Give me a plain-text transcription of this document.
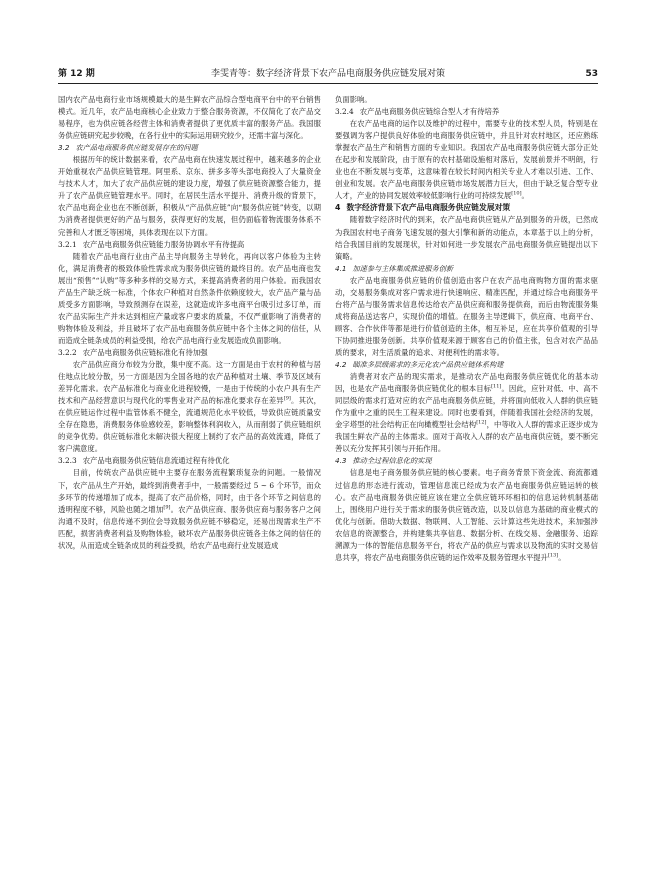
第 12 期	李雯青等：数字经济背景下农产品电商服务供应链发展对策	53

国内农产品电商行业市场规模最大的是生鲜农产品综合型电商平台中的平台销售模式。近几年，农产品电商核心企业致力于整合服务资源，不仅简化了农产品交易程序，也为供应链各经营主体和消费者提供了更优质丰富的服务产品。我国服务供应链研究起步较晚，在各行业中的实际运用研究较少，还需丰富与深化。

3.2 农产品电商服务供应链发展存在的问题

根据历年的统计数据来看，农产品电商在快速发展过程中，越来越多的企业开始重视农产品供应链管理。阿里系、京东、拼多多等头部电商投入了大量资金与技术人才，加大了农产品供应链的建设力度，增强了供应链资源整合能力，提升了农产品供应链管理水平。同时，在居民生活水平提升、消费升级的背景下，农产品电商企业也在不断创新，积极从“产品供应链”向“服务供应链”转变，以期为消费者提供更好的产品与服务，获得更好的发展，但仍面临着物流服务体系不完善和人才匮乏等困境，具体表现在以下方面。

3.2.1 农产品电商服务供应链能力服务协调水平有待提高

随着农产品电商行业由产品主导向服务主导转化，再向以客户体验为主转化，满足消费者的极致体验性需求成为服务供应链的最终目的。农产品电商也发展出“预售”“认购”等多种多样的交易方式，来提高消费者的用户体验。而我国农产品生产缺乏统一标准，个体农户种植对自然条件依赖度较大，农产品产量与品质受多方面影响，导致预测存在误差，这就造成许多电商平台吸引过多订单，而农产品实际生产并未达到相应产量或客户要求的质量，不仅严重影响了消费者的购物体验及利益，并且破坏了农产品电商服务供应链中各个主体之间的信任，从而造成全链条成员的利益受损，给农产品电商行业发展造成负面影响。

3.2.2 农产品电商服务供应链标准化有待加强

农产品供应商分布较为分散，集中度不高。这一方面是由于农村的种植与居住地点比较分散，另一方面是因为全国各地的农产品种植对土壤、季节及区域有差异化需求。农产品标准化与商业化进程较慢，一是由于传统的小农户具有生产技术和产品经营意识与现代化的零售业对产品的标准化要求存在差异[9]。其次，在供应链运作过程中监管体系不健全，流通规范化水平较低，导致供应链质量安全存在隐患，消费服务体验感较差，影响整体利润收入，从而削弱了供应链组织的竞争优势。供应链标准化未解决很大程度上制约了农产品的高效流通，降低了客户满意度。

3.2.3 农产品电商服务供应链信息流通过程有待优化

目前，传统农产品供应链中主要存在服务流程繁琐复杂的问题。一般情况下，农产品从生产开始，最终到消费者手中，一般需要经过 5 ~ 6 个环节，而众多环节的传递增加了成本，提高了农产品价格，同时，由于各个环节之间信息的透明程度不够，风险也随之增加[9]。农产品供应商、服务供应商与服务客户之间沟通不及时，信息传递不到位会导致服务供应链不够稳定，还易出现需求生产不匹配，损害消费者利益及购物体验，破坏农产品服务供应链各主体之间的信任的状况，从而造成全链条成员的利益受损，给农产品电商行业发展造成

负面影响。

3.2.4 农产品电商服务供应链综合型人才有待培养

在农产品电商的运作以及维护的过程中，需要专业的技术型人员，特别是在要强调为客户提供良好体验的电商服务供应链中，并且针对农村地区，还应熟练掌握农产品生产和销售方面的专业知识。我国农产品电商服务供应链大部分正处在起步和发展阶段，由于原有的农村基础设施相对落后，发展前景并不明朗，行业也在不断发展与变革，这意味着在较长时间内相关专业人才难以引进、工作、创业和发展。农产品电商服务供应链市场发展潜力巨大，但由于缺乏复合型专业人才，产业的协同发展效率较低影响行业的可持续发展[10]。

4 数字经济背景下农产品电商服务供应链发展对策

随着数字经济时代的到来，农产品电商供应链从产品到服务的升级，已然成为我国农村电子商务飞速发展的强大引擎和新的动能点，本章基于以上的分析，结合我国目前的发展现状，针对如何进一步发展农产品电商服务供应链提出以下策略。

4.1 加速参与主体集成推进服务创新

农产品电商服务供应链的价值创造由客户在农产品电商购物方面的需求驱动，交易服务集成对客户需求进行快速响应、精准匹配，并通过综合电商服务平台将产品与服务需求信息传达给农产品供应商和服务提供商，而后由物流服务集成将商品送达客户，实现价值的增值。在服务主导逻辑下，供应商、电商平台、顾客、合作伙伴等都是进行价值创造的主体，相互补足，应在共享价值观的引导下协同推进服务创新。共享价值观来源于顾客自己的价值主张，包含对农产品品质的要求，对生活质量的追求、对便利性的需求等。

4.2 瞄准多层级需求的多元化农产品供应链体系构建

消费者对农产品的现实需求，是推动农产品电商服务供应链优化的基本动因，也是农产品电商服务供应链优化的根本目标[11]。因此，应针对低、中、高不同层级的需求打造对应的农产品电商服务供应链，并将面向低收入人群的供应链作为重中之重的民生工程来建设。同时也要看到，伴随着我国社会经济的发展，金字塔型的社会结构正在向橄榄型社会结构[12]，中等收入人群的需求正逐步成为我国生鲜农产品的主体需求。面对于高收入人群的农产品电商供应链，要不断完善以充分发挥其引领与开拓作用。

4.3 推动全过程信息化的实现

信息是电子商务服务供应链的核心要素。电子商务背景下资金流、商流都通过信息的形态进行流动，管理信息流已经成为农产品电商服务供应链运转的核心。农产品电商服务供应链应该在建立全供应链环环相扣的信息运转机制基础上，围绕用户进行关于需求的服务供应链改造，以及以信息为基础的商业模式的优化与创新。借助大数据、物联网、人工智能、云计算这些先进技术，来加强涉农信息的资源整合，并构建集共享信息、数据分析、在线交易、金融服务、追踪溯源为一体的智能信息服务平台，将农产品的供应与需求以及物流的实时交易信息共享，将农产品电商服务供应链的运作效率及服务管理水平提升[13]。
